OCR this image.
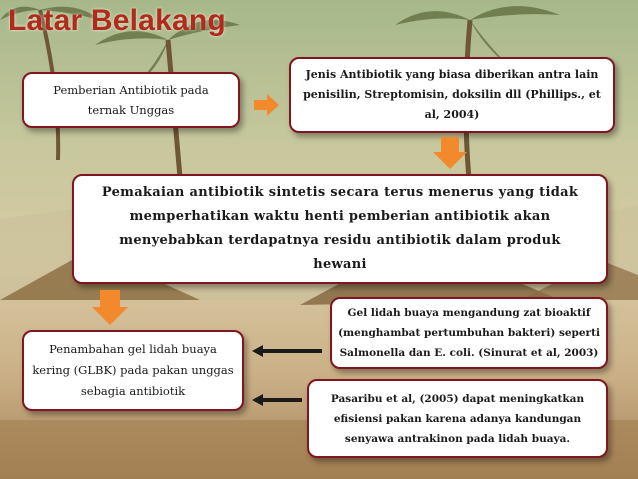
Latar Belakang
Pemberian Antibiotik pada ternak Unggas
Jenis Antibiotik yang biasa diberikan antra lain penisilin, Streptomisin, doksilin dll (Phillips., et al, 2004)
Pemakaian antibiotik sintetis secara terus menerus yang tidak memperhatikan waktu henti pemberian antibiotik akan menyebabkan terdapatnya residu antibiotik dalam produk hewani
Gel lidah buaya mengandung zat bioaktif (menghambat pertumbuhan bakteri) seperti Salmonella dan E. coli. (Sinurat et al, 2003)
Penambahan gel lidah buaya kering (GLBK) pada pakan unggas sebagia antibiotik
Pasaribu et al, (2005) dapat meningkatkan efisiensi pakan karena adanya kandungan senyawa antrakinon pada lidah buaya.
